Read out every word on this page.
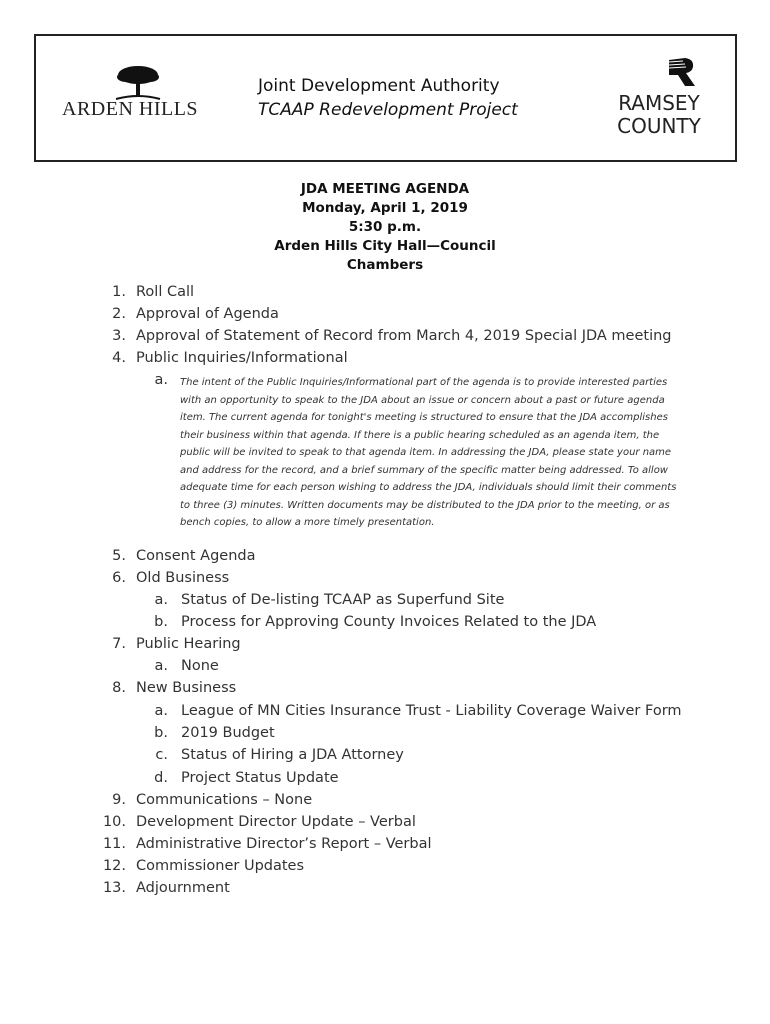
ARDEN HILLS
Joint Development Authority
TCAAP Redevelopment Project	RAMSEY
COUNTY
JDA MEETING AGENDA
Monday, April 1, 2019
5:30 p.m.
Arden Hills City Hall—Council Chambers
1. Roll Call
2. Approval of Agenda
3. Approval of Statement of Record from March 4, 2019 Special JDA meeting
4. Public Inquiries/Informational
a. The intent of the Public Inquiries/Informational part of the agenda is to provide interested parties with an opportunity to speak to the JDA about an issue or concern about a past or future agenda item. The current agenda for tonight's meeting is structured to ensure that the JDA accomplishes their business within that agenda. If there is a public hearing scheduled as an agenda item, the public will be invited to speak to that agenda item. In addressing the JDA, please state your name and address for the record, and a brief summary of the specific matter being addressed. To allow adequate time for each person wishing to address the JDA, individuals should limit their comments to three (3) minutes. Written documents may be distributed to the JDA prior to the meeting, or as bench copies, to allow a more timely presentation.
5. Consent Agenda
6. Old Business
a. Status of De-listing TCAAP as Superfund Site
b. Process for Approving County Invoices Related to the JDA
7. Public Hearing
a. None
8. New Business
a. League of MN Cities Insurance Trust - Liability Coverage Waiver Form
b. 2019 Budget
c. Status of Hiring a JDA Attorney
d. Project Status Update
9. Communications – None
10. Development Director Update – Verbal
11. Administrative Director’s Report – Verbal
12. Commissioner Updates
13. Adjournment
